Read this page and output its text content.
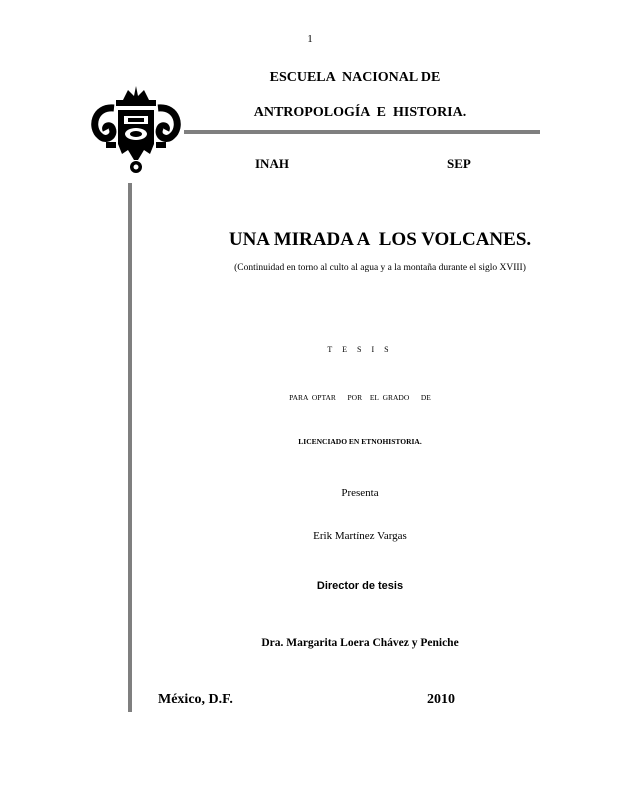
1
ESCUELA  NACIONAL DE
ANTROPOLOGÍA  E  HISTORIA.
INAH	SEP
UNA MIRADA A  LOS VOLCANES.
(Continuidad en torno al culto al agua y a la montaña durante el siglo XVIII)
T E S I S
PARA OPTAR   POR  EL GRADO   DE
LICENCIADO EN ETNOHISTORIA.
Presenta
Erik Martínez Vargas
Director de tesis
Dra. Margarita Loera Chávez y Peniche
México, D.F.	2010
